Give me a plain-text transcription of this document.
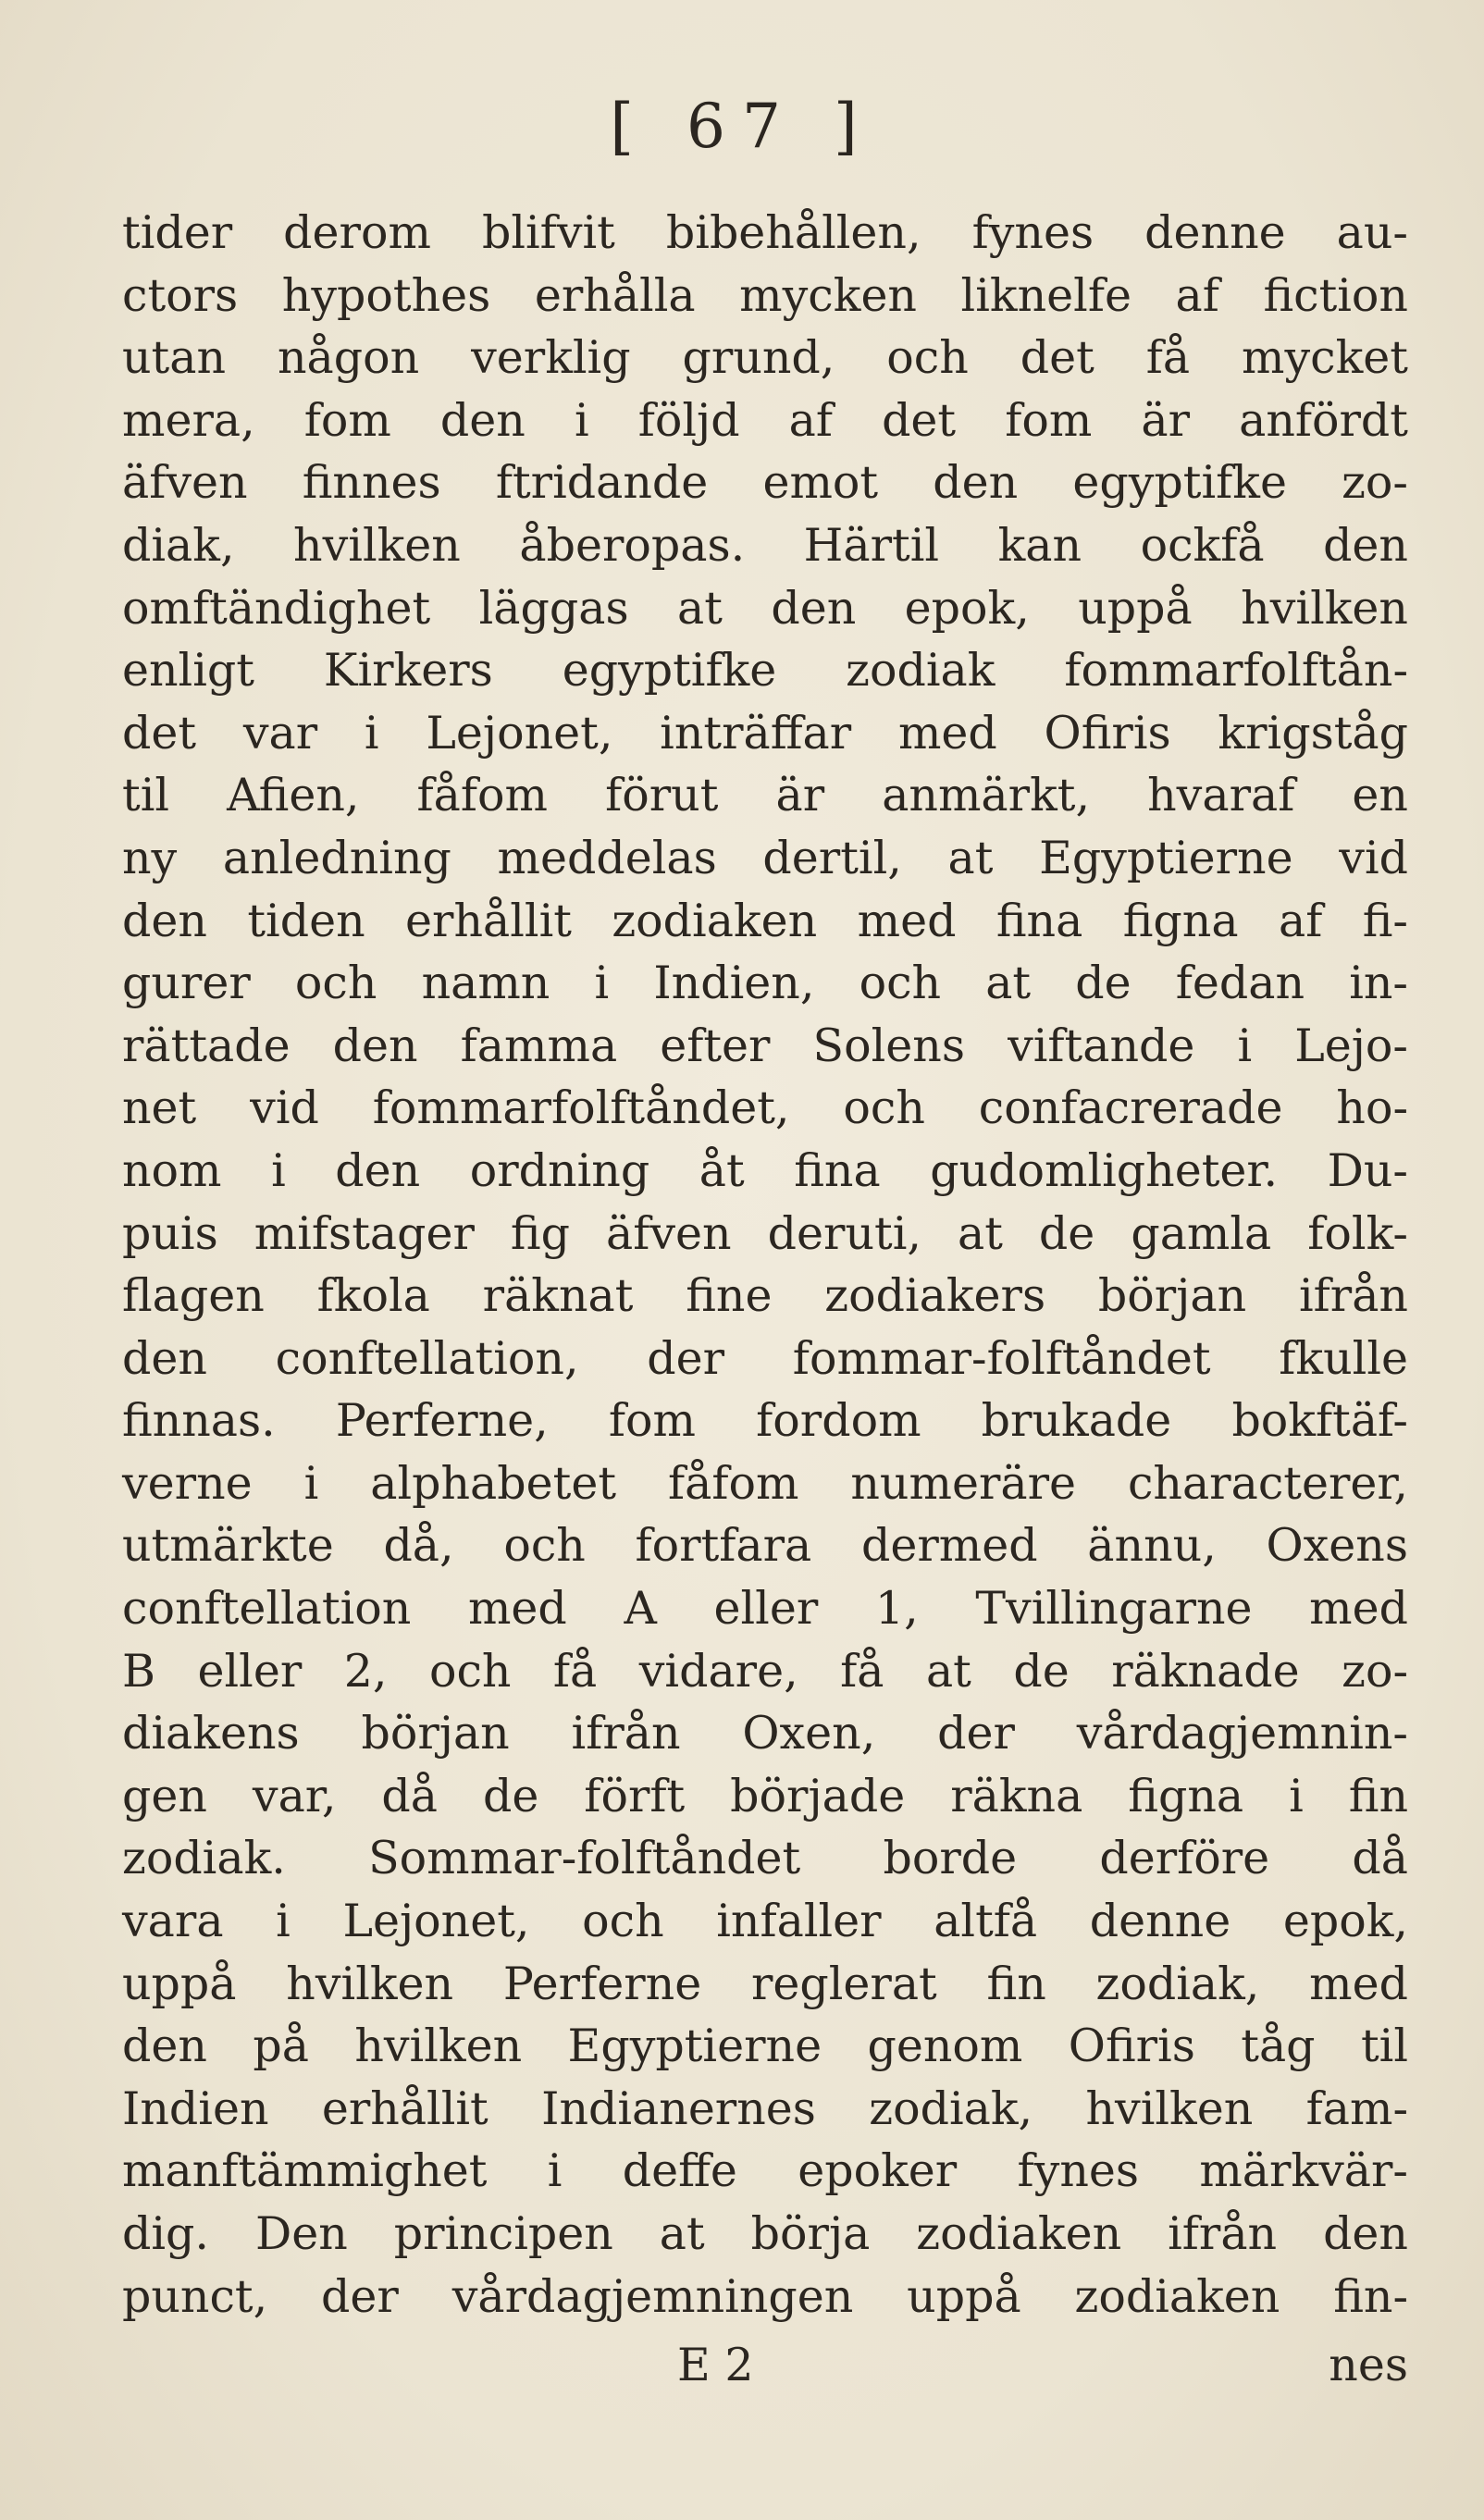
[ 67 ]
tider derom blifvit bibehållen, fynes denne au-
ctors hypothes erhålla mycken liknelfe af fiction
utan någon verklig grund, och det få mycket
mera, fom den i följd af det fom är anfördt
äfven finnes ftridande emot den egyptifke zo-
diak, hvilken åberopas. Härtil kan ockfå den
omftändighet läggas at den epok, uppå hvilken
enligt Kirkers egyptifke zodiak fommarfolftån-
det var i Lejonet, inträffar med Ofiris krigståg
til Afien, fåfom förut är anmärkt, hvaraf en
ny anledning meddelas dertil, at Egyptierne vid
den tiden erhållit zodiaken med fina figna af fi-
gurer och namn i Indien, och at de fedan in-
rättade den famma efter Solens viftande i Lejo-
net vid fommarfolftåndet, och confacrerade ho-
nom i den ordning åt fina gudomligheter. Du-
puis mifstager fig äfven deruti, at de gamla folk-
flagen fkola räknat fine zodiakers början ifrån
den conftellation, der fommar-folftåndet fkulle
finnas. Perferne, fom fordom brukade bokftäf-
verne i alphabetet fåfom numeräre characterer,
utmärkte då, och fortfara dermed ännu, Oxens
conftellation med A eller 1, Tvillingarne med
B eller 2, och få vidare, få at de räknade zo-
diakens början ifrån Oxen, der vårdagjemnin-
gen var, då de förft började räkna figna i fin
zodiak. Sommar-folftåndet borde derföre då
vara i Lejonet, och infaller altfå denne epok,
uppå hvilken Perferne reglerat fin zodiak, med
den på hvilken Egyptierne genom Ofiris tåg til
Indien erhållit Indianernes zodiak, hvilken fam-
manftämmighet i deffe epoker fynes märkvär-
dig. Den principen at börja zodiaken ifrån den
punct, der vårdagjemningen uppå zodiaken fin-
E 2	nes
